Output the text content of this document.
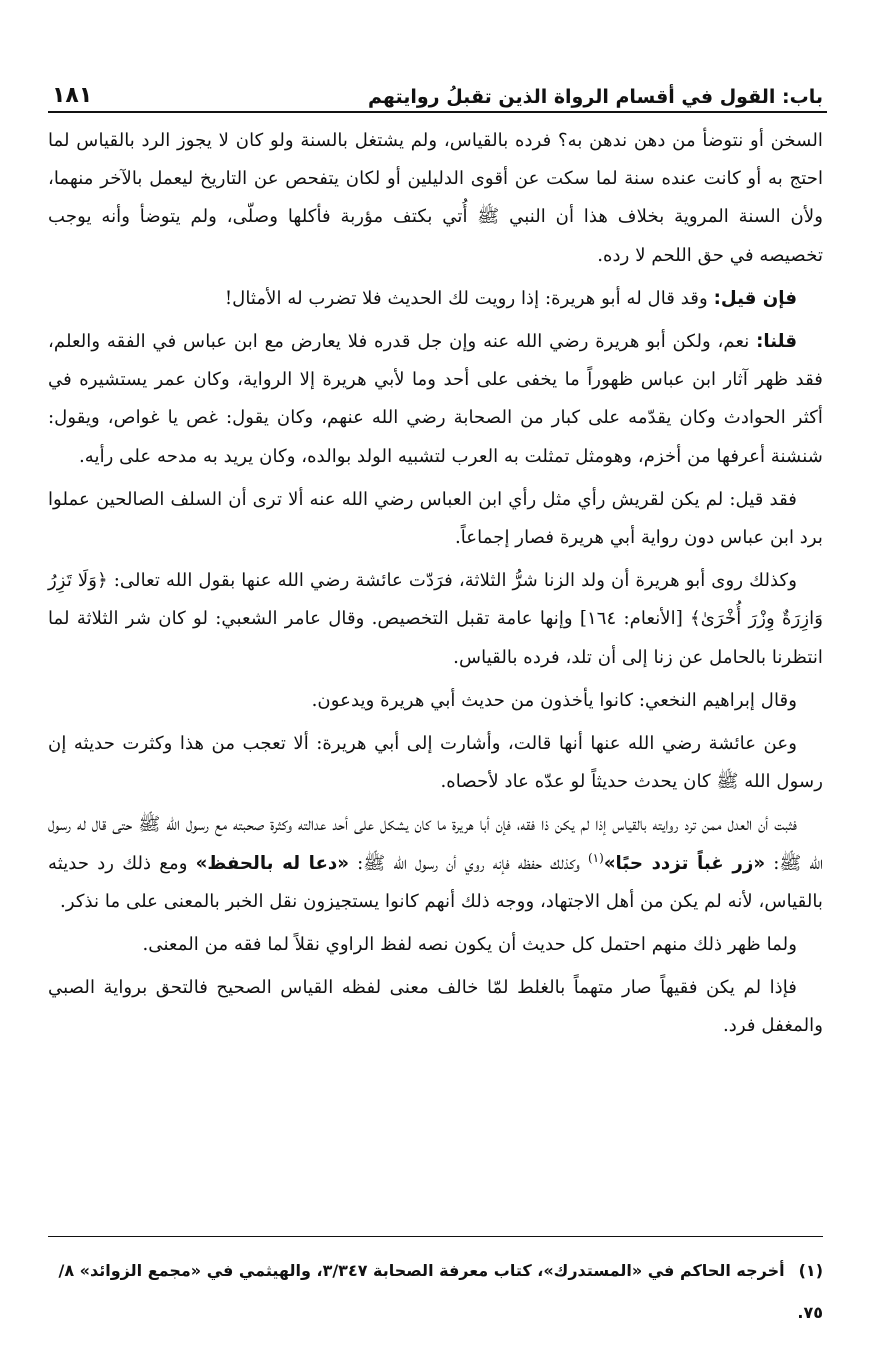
باب: القول في أقسام الرواة الذين تقبلُ روايتهم
١٨١

السخن أو نتوضأ من دهن ندهن به؟ فرده بالقياس، ولم يشتغل بالسنة ولو كان لا يجوز الرد بالقياس لما احتج به أو كانت عنده سنة لما سكت عن أقوى الدليلين أو لكان يتفحص عن التاريخ ليعمل بالآخر منهما، ولأن السنة المروية بخلاف هذا أن النبي ﷺ أُتي بكتف مؤربة فأكلها وصلّى، ولم يتوضأ وأنه يوجب تخصيصه في حق اللحم لا رده.

فإن قيل: وقد قال له أبو هريرة: إذا رويت لك الحديث فلا تضرب له الأمثال!

قلنا: نعم، ولكن أبو هريرة رضي الله عنه وإن جل قدره فلا يعارض مع ابن عباس في الفقه والعلم، فقد ظهر آثار ابن عباس ظهوراً ما يخفى على أحد وما لأبي هريرة إلا الرواية، وكان عمر يستشيره في أكثر الحوادث وكان يقدّمه على كبار من الصحابة رضي الله عنهم، وكان يقول: غص يا غواص، ويقول: شنشنة أعرفها من أخزم، وهومثل تمثلت به العرب لتشبيه الولد بوالده، وكان يريد به مدحه على رأيه.

فقد قيل: لم يكن لقريش رأي مثل رأي ابن العباس رضي الله عنه ألا ترى أن السلف الصالحين عملوا برد ابن عباس دون رواية أبي هريرة فصار إجماعاً.

وكذلك روى أبو هريرة أن ولد الزنا شرُّ الثلاثة، فرَدّت عائشة رضي الله عنها بقول الله تعالى: ﴿وَلَا تَزِرُ وَازِرَةٌ وِزْرَ أُخْرَىٰ﴾ [الأنعام: ١٦٤] وإنها عامة تقبل التخصيص. وقال عامر الشعبي: لو كان شر الثلاثة لما انتظرنا بالحامل عن زنا إلى أن تلد، فرده بالقياس.

وقال إبراهيم النخعي: كانوا يأخذون من حديث أبي هريرة ويدعون.

وعن عائشة رضي الله عنها أنها قالت، وأشارت إلى أبي هريرة: ألا تعجب من هذا وكثرت حديثه إن رسول الله ﷺ كان يحدث حديثاً لو عدّه عاد لأحصاه.

فثبت أن العدل ممن ترد روايته بالقياس إذا لم يكن ذا فقه، فإن أبا هريرة ما كان يشكل على أحد عدالته وكثرة صحبته مع رسول الله ﷺ حتى قال له رسول الله ﷺ: «زر غباً تزدد حبًا»$^{(١)}$ وكذلك حفظه فإنه روي أن رسول الله ﷺ: «دعا له بالحفظ» ومع ذلك رد حديثه بالقياس، لأنه لم يكن من أهل الاجتهاد، ووجه ذلك أنهم كانوا يستجيزون نقل الخبر بالمعنى على ما نذكر.

ولما ظهر ذلك منهم احتمل كل حديث أن يكون نصه لفظ الراوي نقلاً لما فقه من المعنى.

فإذا لم يكن فقيهاً صار متهماً بالغلط لمّا خالف معنى لفظه القياس الصحيح فالتحق برواية الصبي والمغفل فرد.

(١)أخرجه الحاكم في «المستدرك»، كتاب معرفة الصحابة ٣/٣٤٧، والهيثمي في «مجمع الزوائد» ٨/ ٧٥.
